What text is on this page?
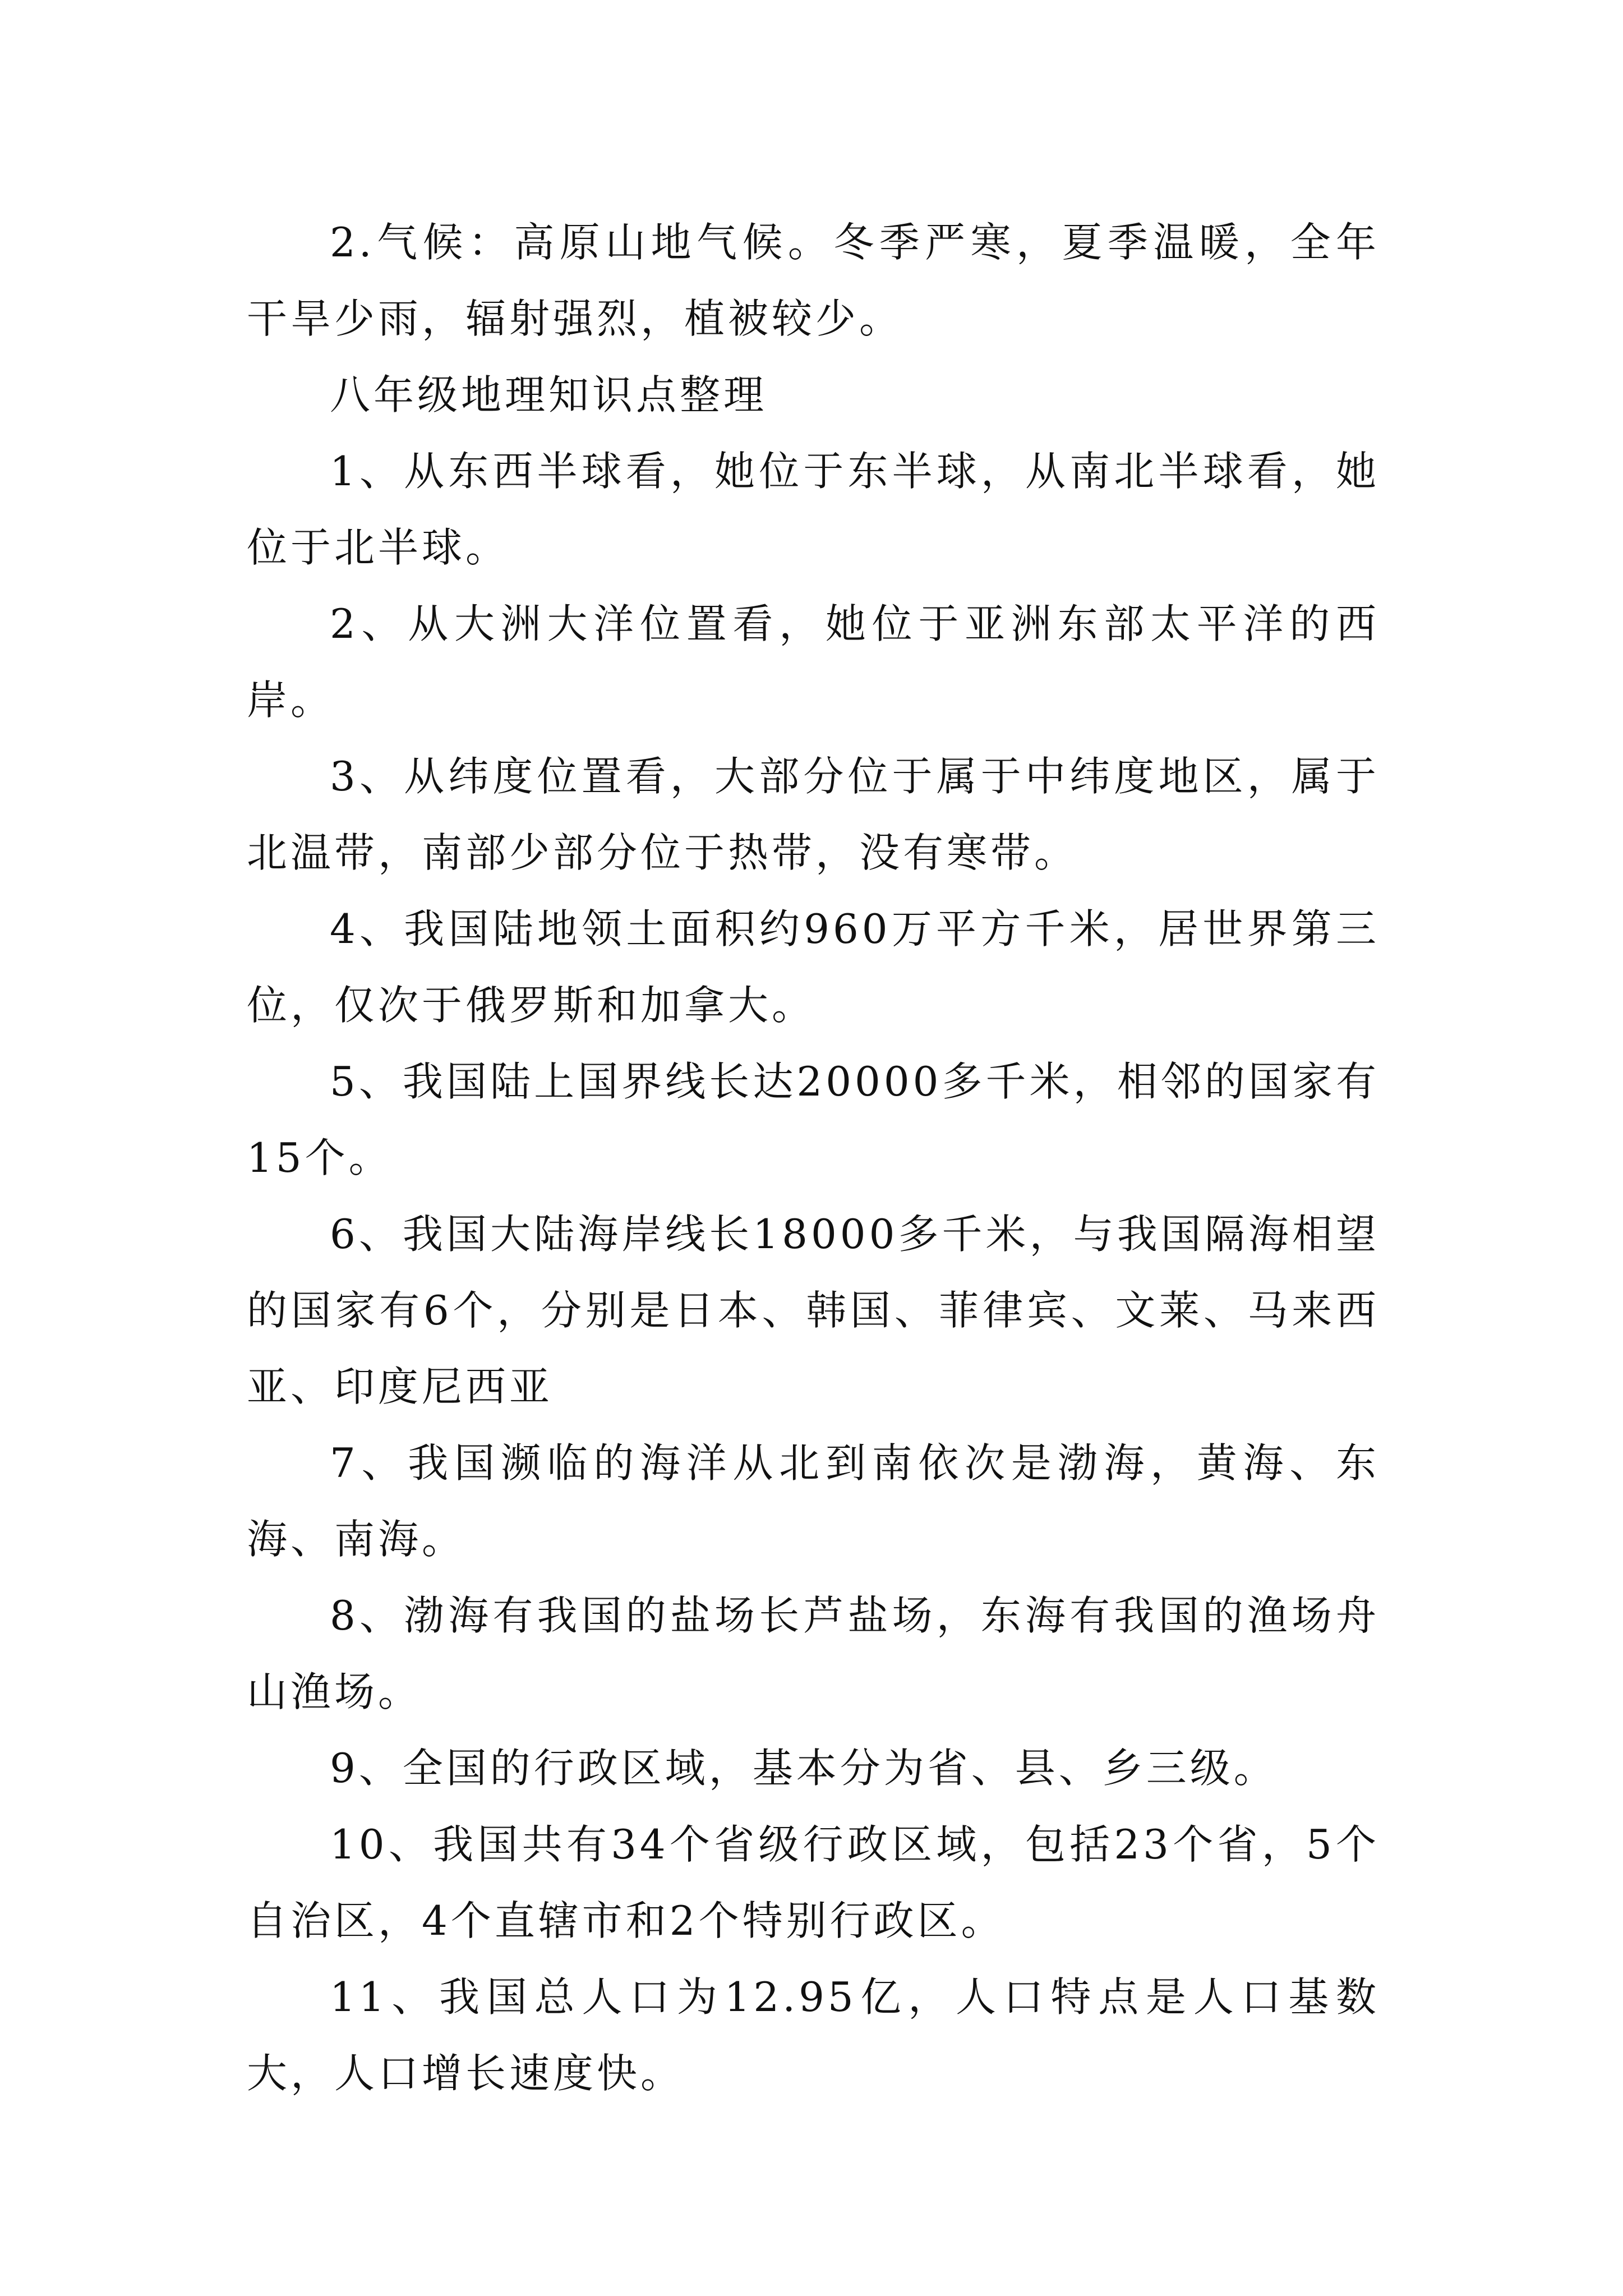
2.气候：高原山地气候。冬季严寒，夏季温暖，全年干旱少雨，辐射强烈，植被较少。

八年级地理知识点整理

1、从东西半球看，她位于东半球，从南北半球看，她位于北半球。

2、从大洲大洋位置看，她位于亚洲东部太平洋的西岸。

3、从纬度位置看，大部分位于属于中纬度地区，属于北温带，南部少部分位于热带，没有寒带。

4、我国陆地领土面积约960万平方千米，居世界第三位，仅次于俄罗斯和加拿大。

5、我国陆上国界线长达20000多千米，相邻的国家有15个。

6、我国大陆海岸线长18000多千米，与我国隔海相望的国家有6个，分别是日本、韩国、菲律宾、文莱、马来西亚、印度尼西亚

7、我国濒临的海洋从北到南依次是渤海，黄海、东海、南海。

8、渤海有我国的盐场长芦盐场，东海有我国的渔场舟山渔场。

9、全国的行政区域，基本分为省、县、乡三级。

10、我国共有34个省级行政区域，包括23个省，5个自治区，4个直辖市和2个特别行政区。

11、我国总人口为12.95亿，人口特点是人口基数大，人口增长速度快。
